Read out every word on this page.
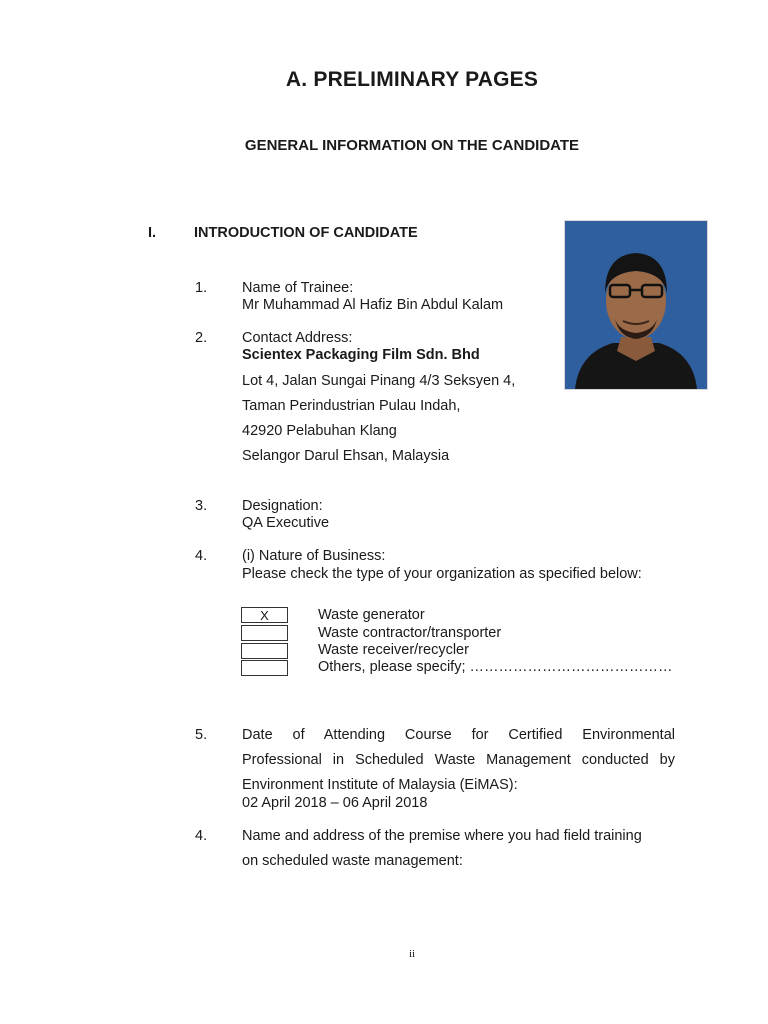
A. PRELIMINARY PAGES
GENERAL INFORMATION ON THE CANDIDATE
I.	INTRODUCTION OF CANDIDATE
1. Name of Trainee:
Mr Muhammad Al Hafiz Bin Abdul Kalam
2. Contact Address:
Scientex Packaging Film Sdn. Bhd
Lot 4, Jalan Sungai Pinang 4/3 Seksyen 4,
Taman Perindustrian Pulau Indah,
42920 Pelabuhan Klang
Selangor Darul Ehsan, Malaysia
3. Designation:
QA Executive
4. (i) Nature of Business:
Please check the type of your organization as specified below:
X	Waste generator
Waste contractor/transporter
Waste receiver/recycler
Others, please specify; ……………………………………
5. Date of Attending Course for Certified Environmental
Professional in Scheduled Waste Management conducted by
Environment Institute of Malaysia (EiMAS):
02 April 2018 – 06 April 2018
4. Name and address of the premise where you had field training
on scheduled waste management:
ii
